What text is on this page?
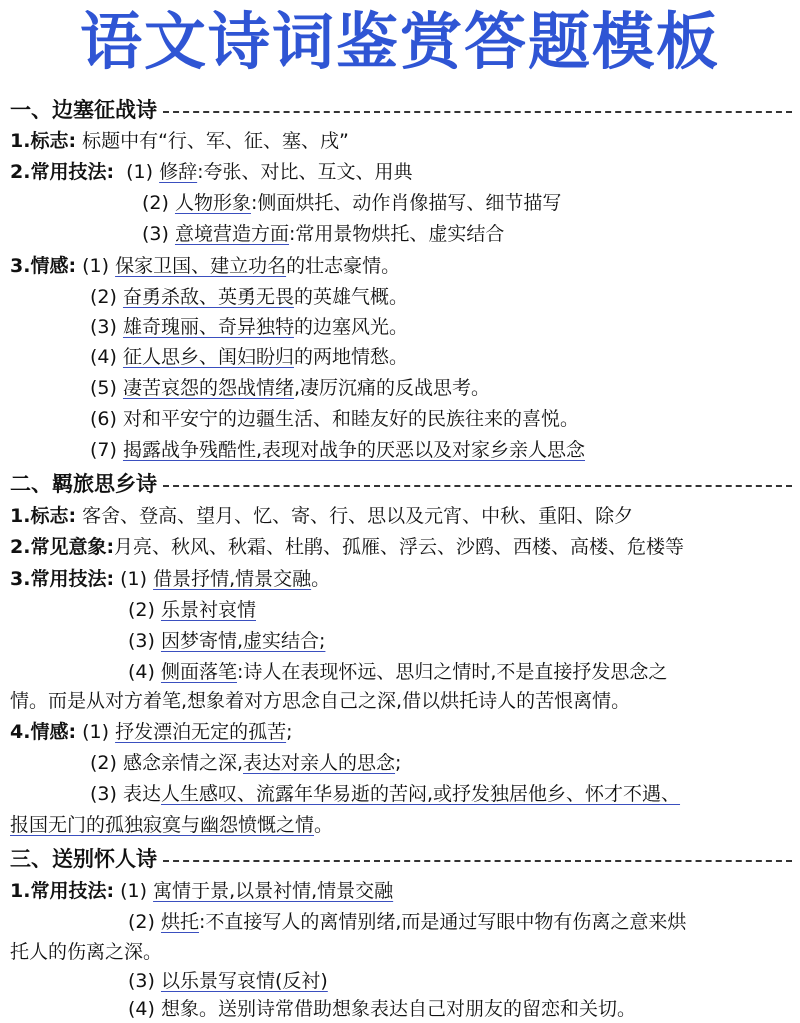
语文诗词鉴赏答题模板
一、边塞征战诗
1.标志: 标题中有“行、军、征、塞、戌”
2.常用技法: (1) 修辞:夸张、对比、互文、用典
(2) 人物形象:侧面烘托、动作肖像描写、细节描写
(3) 意境营造方面:常用景物烘托、虚实结合
3.情感: (1) 保家卫国、建立功名的壮志豪情。
(2) 奋勇杀敌、英勇无畏的英雄气概。
(3) 雄奇瑰丽、奇异独特的边塞风光。
(4) 征人思乡、闺妇盼归的两地情愁。
(5) 凄苦哀怨的怨战情绪,凄厉沉痛的反战思考。
(6) 对和平安宁的边疆生活、和睦友好的民族往来的喜悦。
(7) 揭露战争残酷性,表现对战争的厌恶以及对家乡亲人思念
二、羁旅思乡诗
1.标志: 客舍、登高、望月、忆、寄、行、思以及元宵、中秋、重阳、除夕
2.常见意象:月亮、秋风、秋霜、杜鹃、孤雁、浮云、沙鸥、西楼、高楼、危楼等
3.常用技法: (1) 借景抒情,情景交融。
(2) 乐景衬哀情
(3) 因梦寄情,虚实结合;
(4) 侧面落笔:诗人在表现怀远、思归之情时,不是直接抒发思念之
情。而是从对方着笔,想象着对方思念自己之深,借以烘托诗人的苦恨离情。
4.情感: (1) 抒发漂泊无定的孤苦;
(2) 感念亲情之深,表达对亲人的思念;
(3) 表达人生感叹、流露年华易逝的苦闷,或抒发独居他乡、怀才不遇、
报国无门的孤独寂寞与幽怨愤慨之情。
三、送别怀人诗
1.常用技法: (1) 寓情于景,以景衬情,情景交融
(2) 烘托:不直接写人的离情别绪,而是通过写眼中物有伤离之意来烘
托人的伤离之深。
(3) 以乐景写哀情(反衬)
(4) 想象。送别诗常借助想象表达自己对朋友的留恋和关切。
